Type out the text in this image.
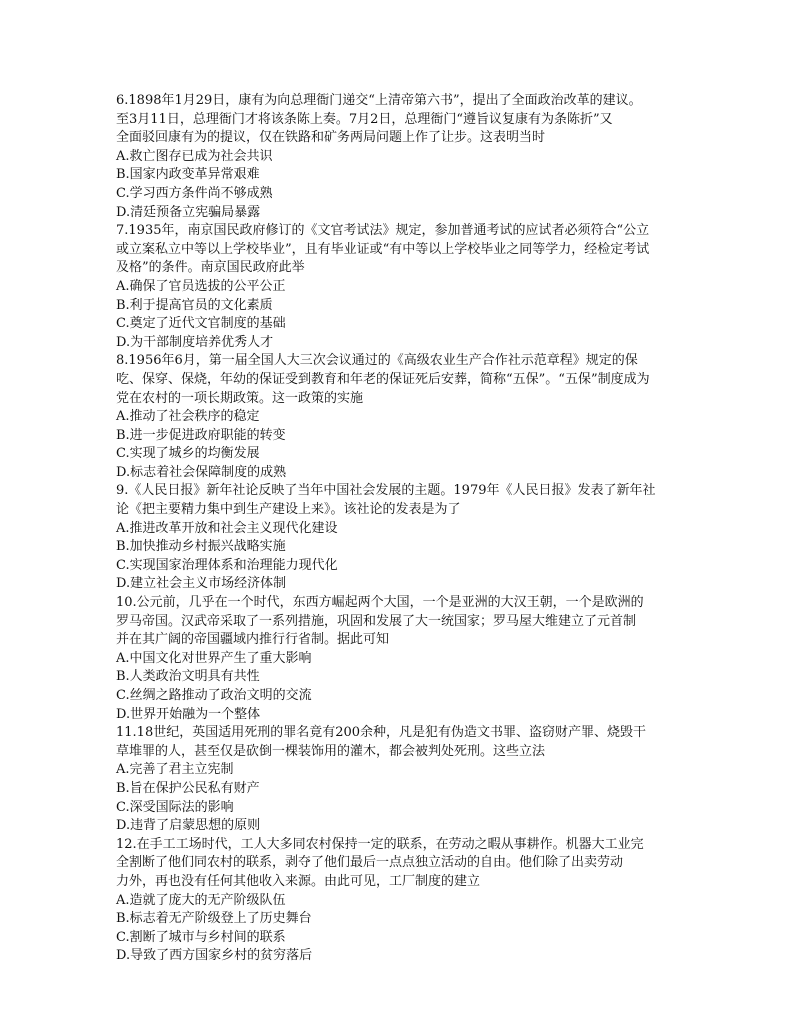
6.1898年1月29日，康有为向总理衙门递交“上清帝第六书”，提出了全面政治改革的建议。
至3月11日，总理衙门才将该条陈上奏。7月2日，总理衙门“遵旨议复康有为条陈折”又
全面驳回康有为的提议，仅在铁路和矿务两局问题上作了让步。这表明当时

A.救亡图存已成为社会共识

B.国家内政变革异常艰难

C.学习西方条件尚不够成熟

D.清廷预备立宪骗局暴露

7.1935年，南京国民政府修订的《文官考试法》规定，参加普通考试的应试者必须符合“公立
或立案私立中等以上学校毕业”，且有毕业证或“有中等以上学校毕业之同等学力，经检定考试
及格”的条件。南京国民政府此举

A.确保了官员选拔的公平公正

B.利于提高官员的文化素质

C.奠定了近代文官制度的基础

D.为干部制度培养优秀人才

8.1956年6月，第一届全国人大三次会议通过的《高级农业生产合作社示范章程》规定的保
吃、保穿、保烧，年幼的保证受到教育和年老的保证死后安葬，简称“五保”。“五保”制度成为
党在农村的一项长期政策。这一政策的实施

A.推动了社会秩序的稳定

B.进一步促进政府职能的转变

C.实现了城乡的均衡发展

D.标志着社会保障制度的成熟

9.《人民日报》新年社论反映了当年中国社会发展的主题。1979年《人民日报》发表了新年社
论《把主要精力集中到生产建设上来》。该社论的发表是为了

A.推进改革开放和社会主义现代化建设

B.加快推动乡村振兴战略实施

C.实现国家治理体系和治理能力现代化

D.建立社会主义市场经济体制

10.公元前，几乎在一个时代，东西方崛起两个大国，一个是亚洲的大汉王朝，一个是欧洲的
罗马帝国。汉武帝采取了一系列措施，巩固和发展了大一统国家；罗马屋大维建立了元首制
并在其广阔的帝国疆域内推行行省制。据此可知

A.中国文化对世界产生了重大影响

B.人类政治文明具有共性

C.丝绸之路推动了政治文明的交流

D.世界开始融为一个整体

11.18世纪，英国适用死刑的罪名竟有200余种，凡是犯有伪造文书罪、盗窃财产罪、烧毁干
草堆罪的人，甚至仅是砍倒一棵装饰用的灌木，都会被判处死刑。这些立法

A.完善了君主立宪制

B.旨在保护公民私有财产

C.深受国际法的影响

D.违背了启蒙思想的原则

12.在手工工场时代，工人大多同农村保持一定的联系，在劳动之暇从事耕作。机器大工业完
全割断了他们同农村的联系，剥夺了他们最后一点点独立活动的自由。他们除了出卖劳动
力外，再也没有任何其他收入来源。由此可见，工厂制度的建立

A.造就了庞大的无产阶级队伍

B.标志着无产阶级登上了历史舞台

C.割断了城市与乡村间的联系

D.导致了西方国家乡村的贫穷落后
